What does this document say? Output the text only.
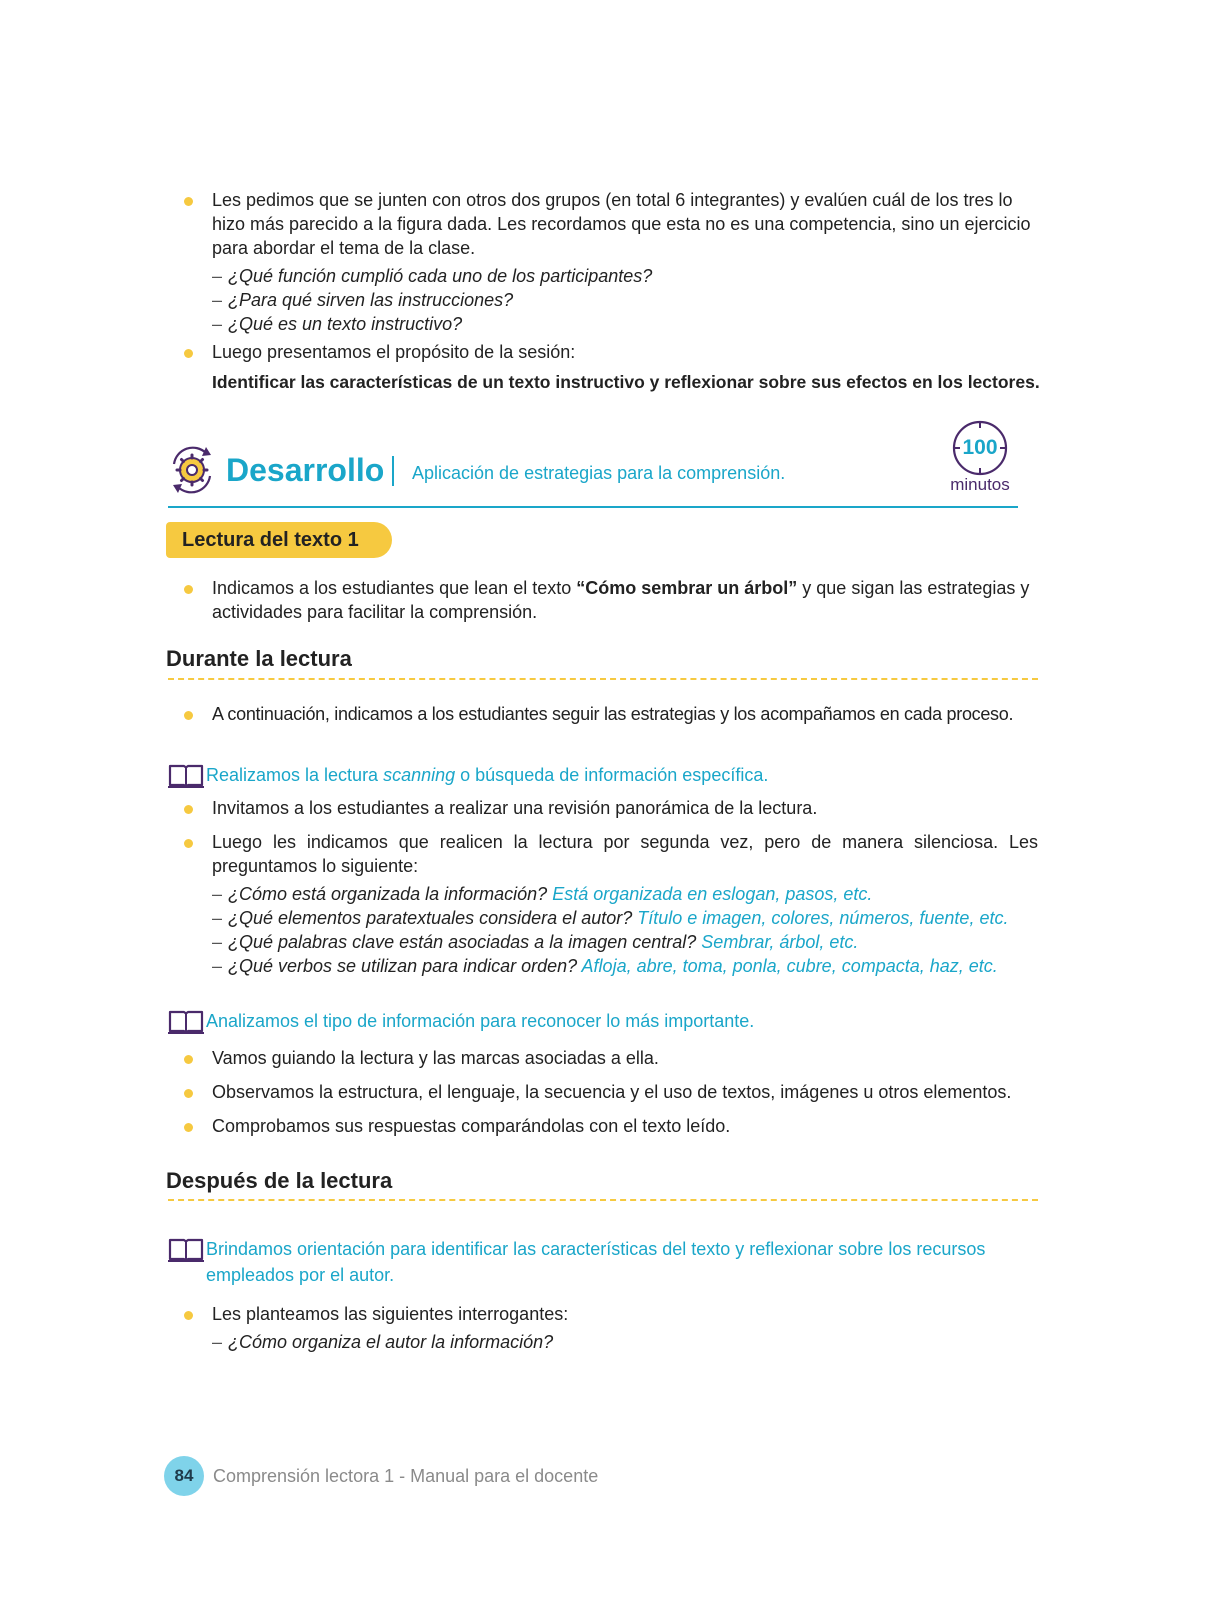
Les pedimos que se junten con otros dos grupos (en total 6 integrantes) y evalúen cuál de los tres lo hizo más parecido a la figura dada. Les recordamos que esta no es una competencia, sino un ejercicio para abordar el tema de la clase.
– ¿Qué función cumplió cada uno de los participantes?
– ¿Para qué sirven las instrucciones?
– ¿Qué es un texto instructivo?
Luego presentamos el propósito de la sesión:
Identificar las características de un texto instructivo y reflexionar sobre sus efectos en los lectores.
Desarrollo Aplicación de estrategias para la comprensión.
100
minutos
Lectura del texto 1
Indicamos a los estudiantes que lean el texto “Cómo sembrar un árbol” y que sigan las estrategias y actividades para facilitar la comprensión.
Durante la lectura
A continuación, indicamos a los estudiantes seguir las estrategias y los acompañamos en cada proceso.
Realizamos la lectura scanning o búsqueda de información específica.
Invitamos a los estudiantes a realizar una revisión panorámica de la lectura.
Luego les indicamos que realicen la lectura por segunda vez, pero de manera silenciosa. Les preguntamos lo siguiente:
– ¿Cómo está organizada la información? Está organizada en eslogan, pasos, etc.
– ¿Qué elementos paratextuales considera el autor? Título e imagen, colores, números, fuente, etc.
– ¿Qué palabras clave están asociadas a la imagen central? Sembrar, árbol, etc.
– ¿Qué verbos se utilizan para indicar orden? Afloja, abre, toma, ponla, cubre, compacta, haz, etc.
Analizamos el tipo de información para reconocer lo más importante.
Vamos guiando la lectura y las marcas asociadas a ella.
Observamos la estructura, el lenguaje, la secuencia y el uso de textos, imágenes u otros elementos.
Comprobamos sus respuestas comparándolas con el texto leído.
Después de la lectura
Brindamos orientación para identificar las características del texto y reflexionar sobre los recursos empleados por el autor.
Les planteamos las siguientes interrogantes:
– ¿Cómo organiza el autor la información?
84	Comprensión lectora 1 - Manual para el docente
